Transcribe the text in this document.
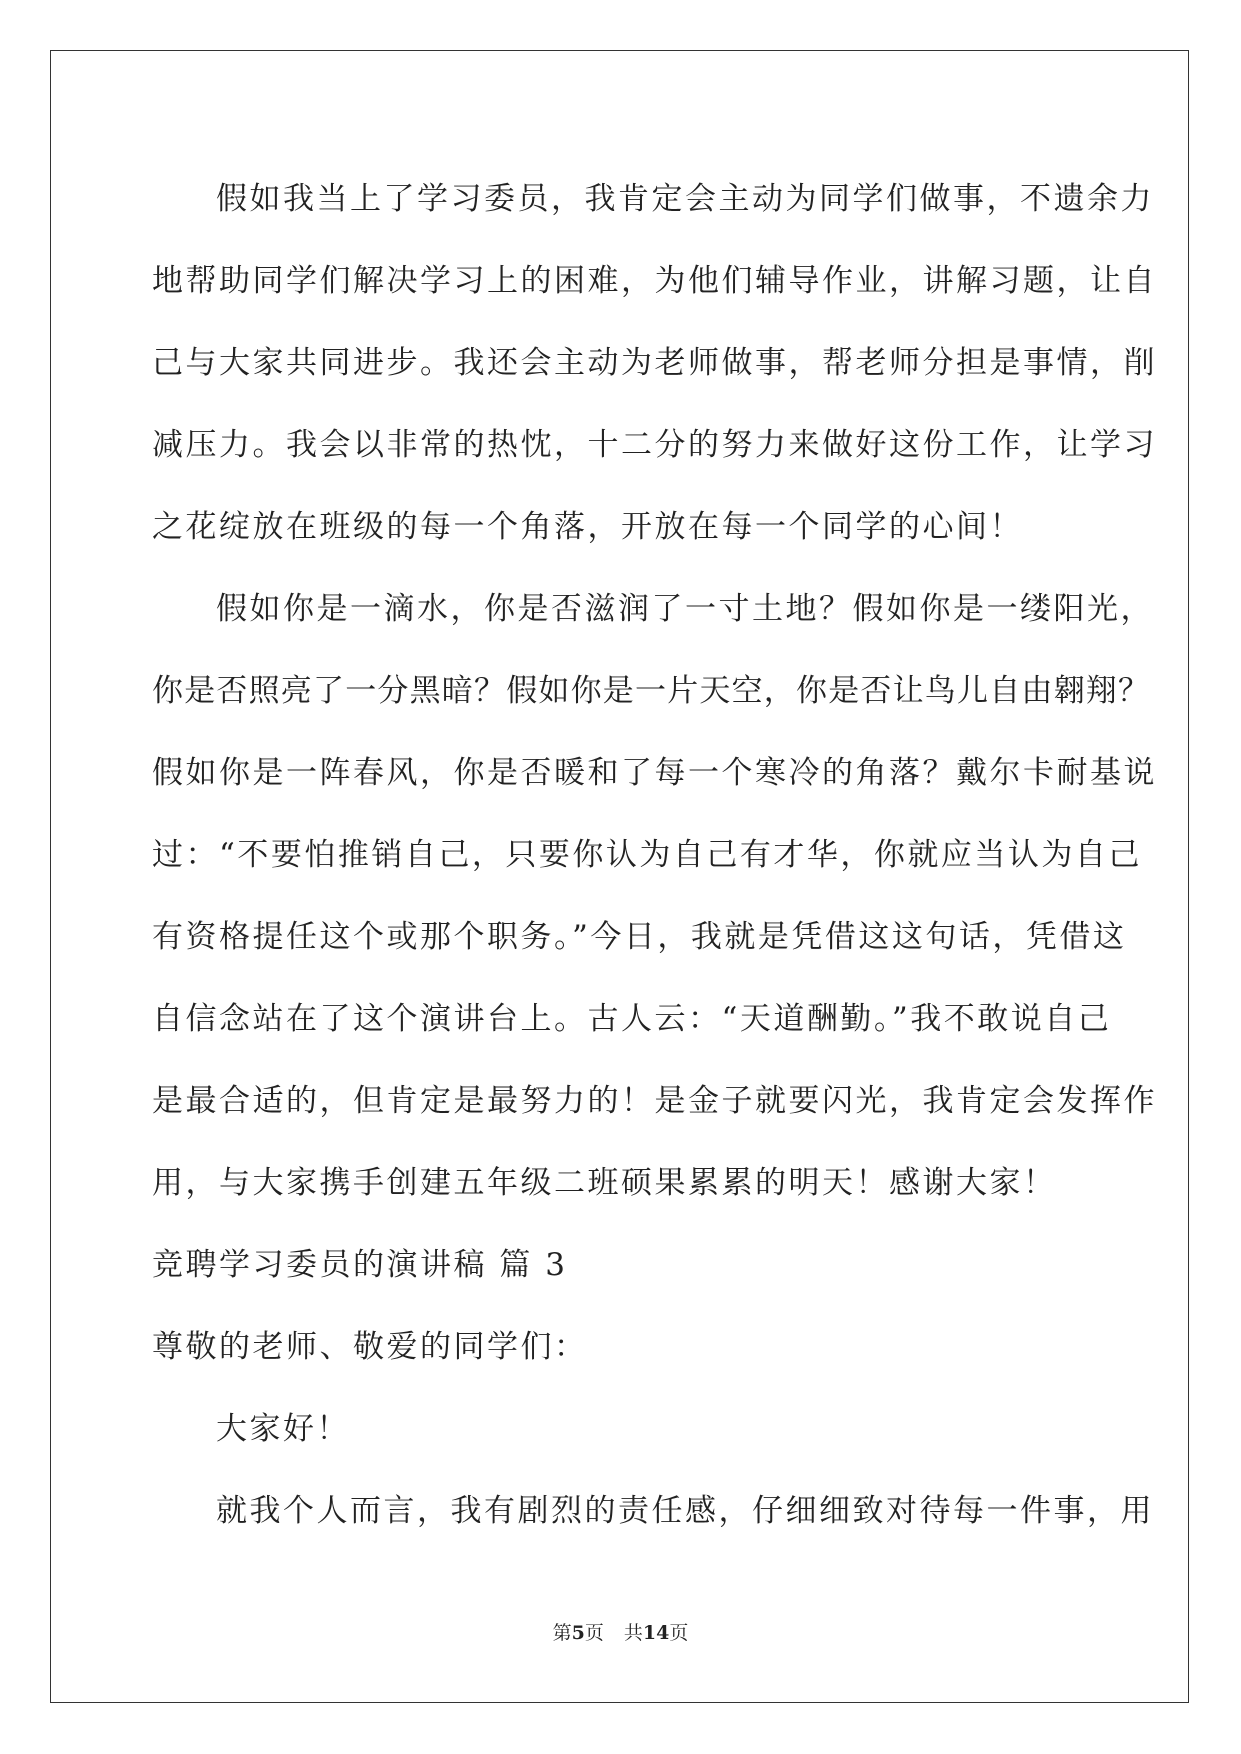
假如我当上了学习委员，我肯定会主动为同学们做事，不遗余力
地帮助同学们解决学习上的困难，为他们辅导作业，讲解习题，让自
己与大家共同进步。我还会主动为老师做事，帮老师分担是事情，削
减压力。我会以非常的热忱，十二分的努力来做好这份工作，让学习
之花绽放在班级的每一个角落，开放在每一个同学的心间！
假如你是一滴水，你是否滋润了一寸土地？假如你是一缕阳光，
你是否照亮了一分黑暗？假如你是一片天空，你是否让鸟儿自由翱翔？
假如你是一阵春风，你是否暖和了每一个寒冷的角落？戴尔卡耐基说
过：“不要怕推销自己，只要你认为自己有才华，你就应当认为自己
有资格提任这个或那个职务。”今日，我就是凭借这这句话，凭借这
自信念站在了这个演讲台上。古人云：“天道酬勤。”我不敢说自己
是最合适的，但肯定是最努力的！是金子就要闪光，我肯定会发挥作
用，与大家携手创建五年级二班硕果累累的明天！感谢大家！
竞聘学习委员的演讲稿 篇 3
尊敬的老师、敬爱的同学们：
大家好！
就我个人而言，我有剧烈的责任感，仔细细致对待每一件事，用
第5页 共14页
